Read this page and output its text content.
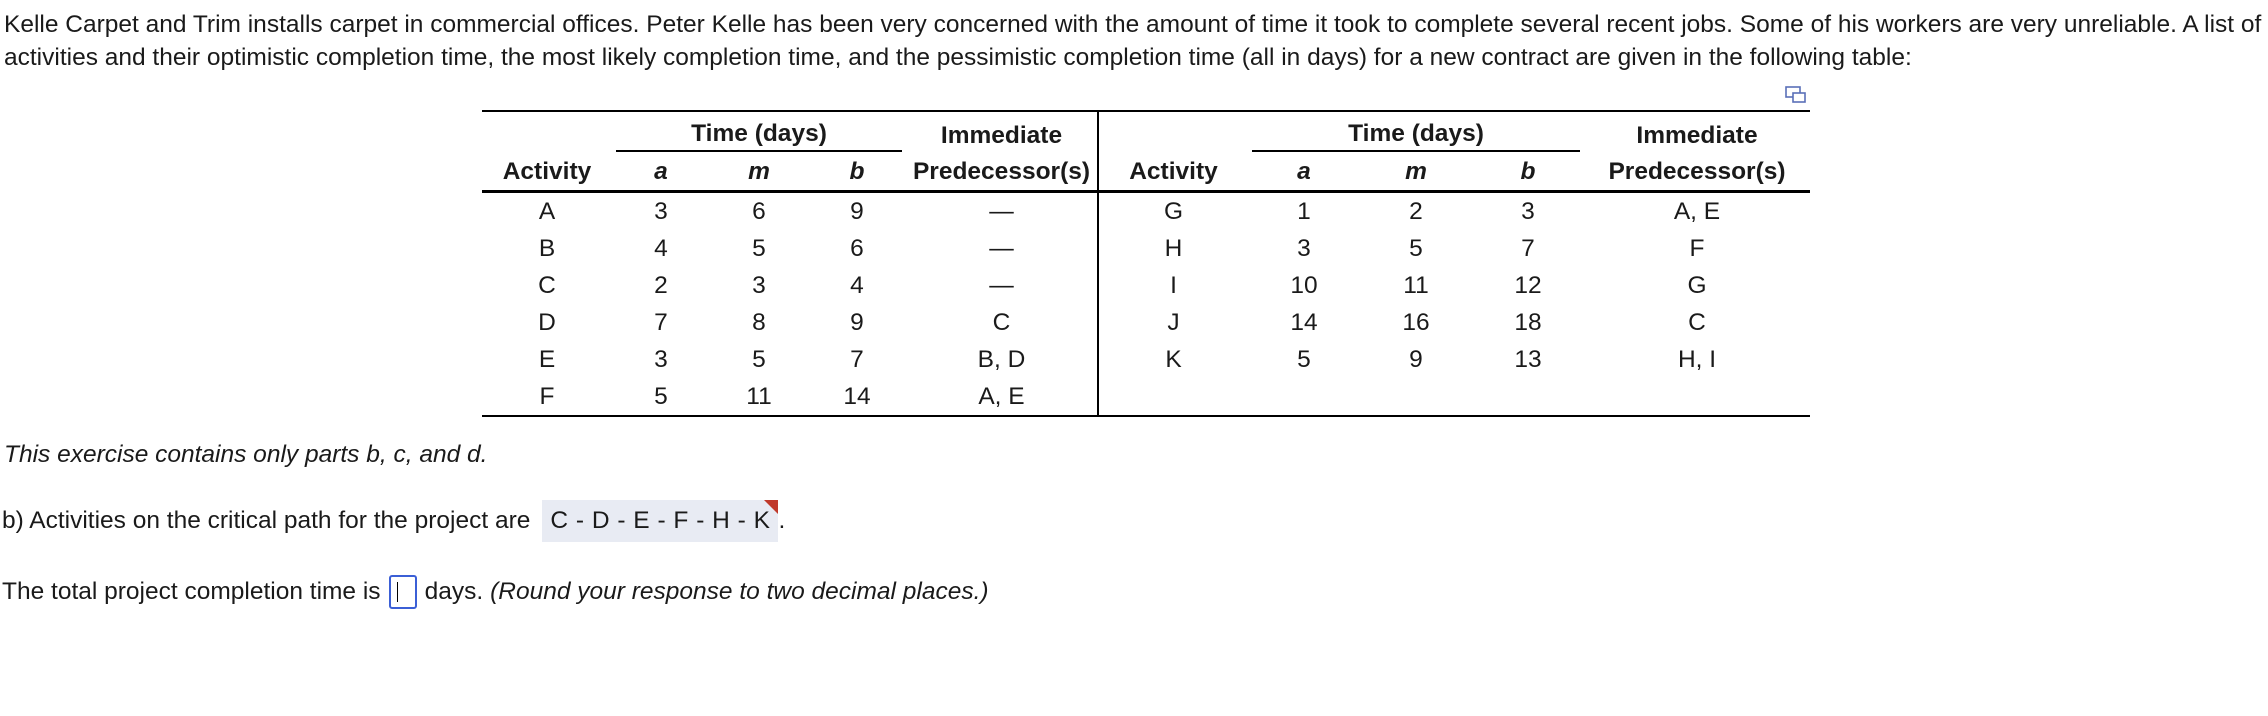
Kelle Carpet and Trim installs carpet in commercial offices. Peter Kelle has been very concerned with the amount of time it took to complete several recent jobs. Some of his workers are very unreliable. A list of activities and their optimistic completion time, the most likely completion time, and the pessimistic completion time (all in days) for a new contract are given in the following table:

	Time (days)			Immediate		Time (days)			Immediate
Activity	a	m	b	Predecessor(s)	Activity	a	m	b	Predecessor(s)
A	3	6	9	—	G	1	2	3	A, E
B	4	5	6	—	H	3	5	7	F
C	2	3	4	—	I	10	11	12	G
D	7	8	9	C	J	14	16	18	C
E	3	5	7	B, D	K	5	9	13	H, I
F	5	11	14	A, E					

This exercise contains only parts b, c, and d.

b) Activities on the critical path for the project are C - D - E - F - H - K .

The total project completion time is days. (Round your response to two decimal places.)
